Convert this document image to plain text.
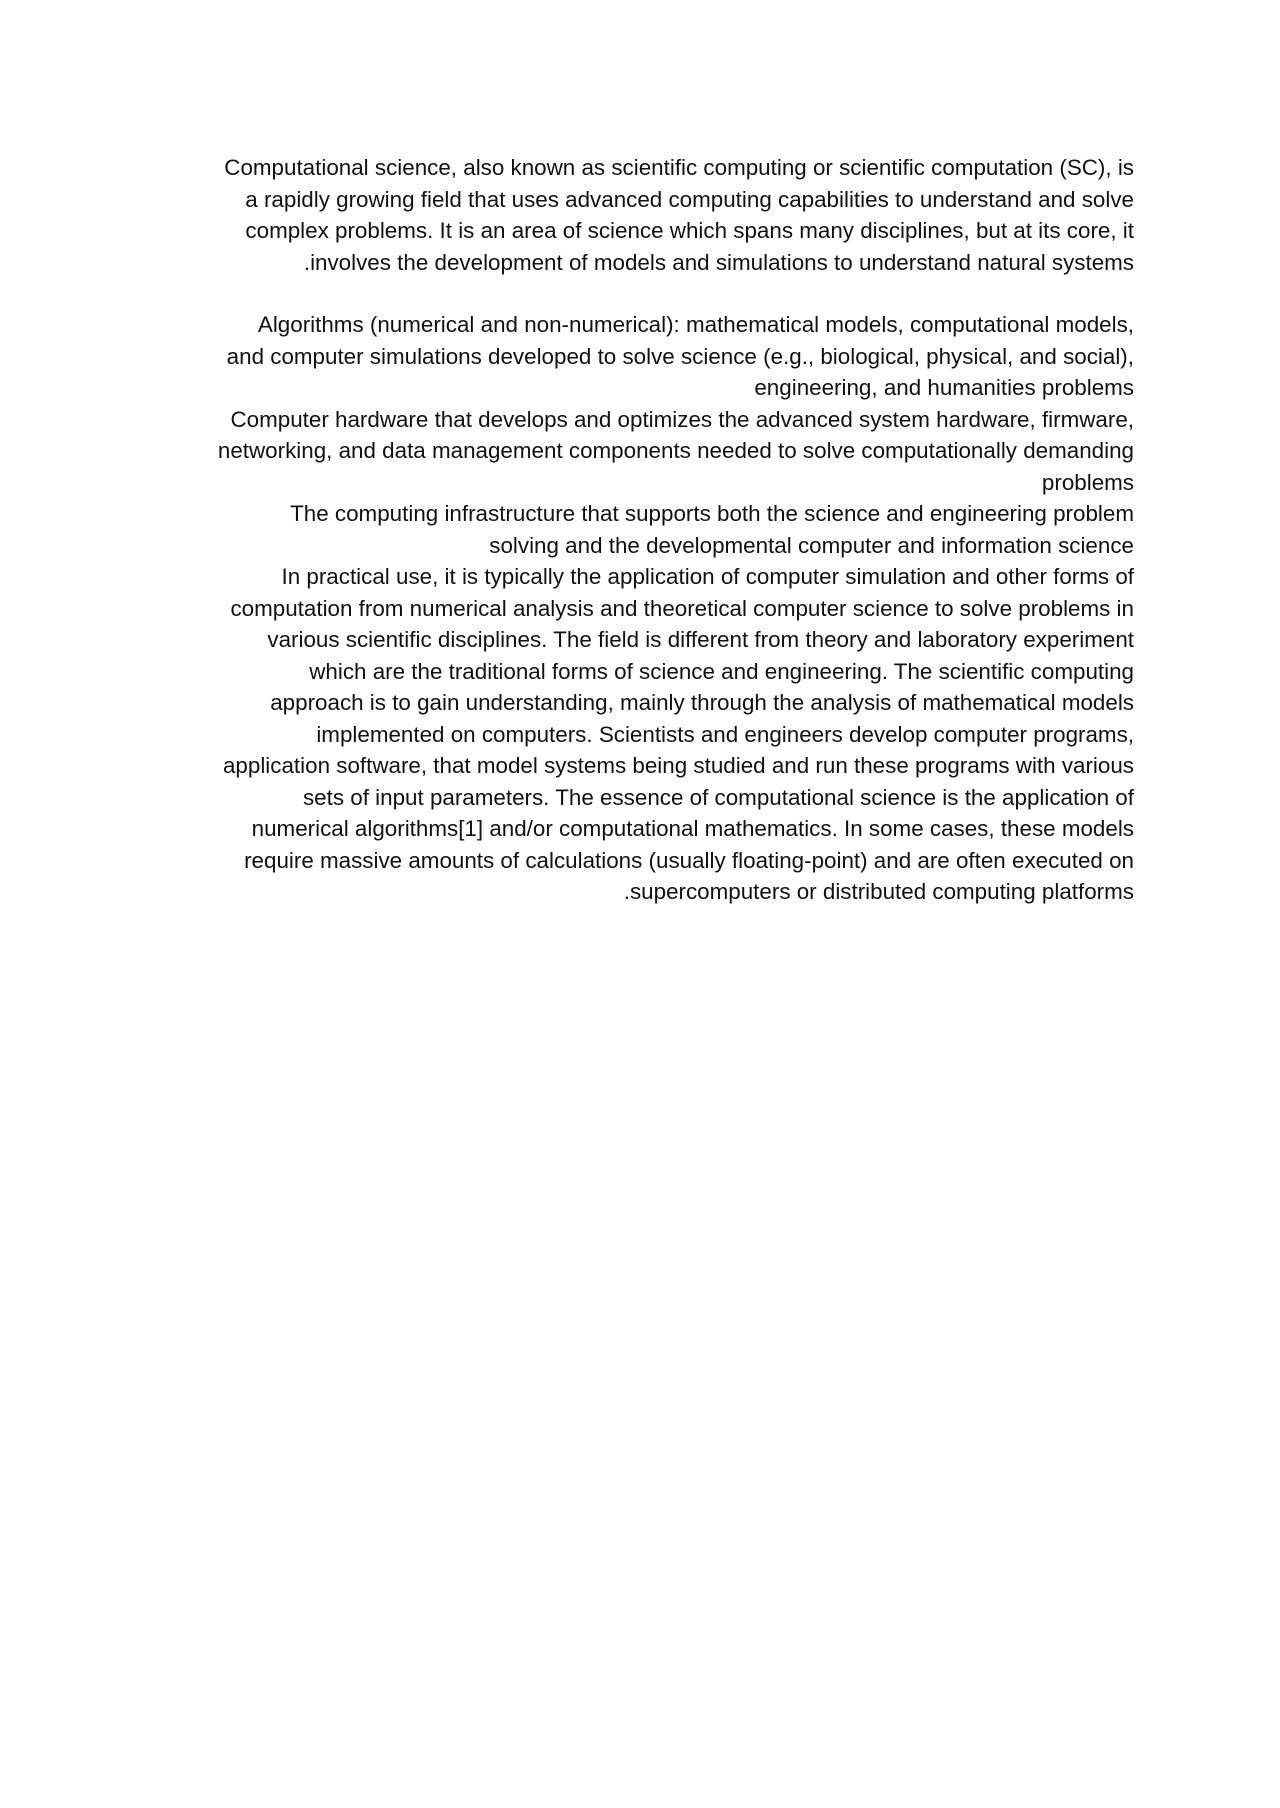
Computational science, also known as scientific computing or scientific computation (SC), is
a rapidly growing field that uses advanced computing capabilities to understand and solve
complex problems. It is an area of science which spans many disciplines, but at its core, it
.involves the development of models and simulations to understand natural systems
Algorithms (numerical and non-numerical): mathematical models, computational models,
and computer simulations developed to solve science (e.g., biological, physical, and social),
engineering, and humanities problems
Computer hardware that develops and optimizes the advanced system hardware, firmware,
networking, and data management components needed to solve computationally demanding
problems
The computing infrastructure that supports both the science and engineering problem
solving and the developmental computer and information science
In practical use, it is typically the application of computer simulation and other forms of
computation from numerical analysis and theoretical computer science to solve problems in
various scientific disciplines. The field is different from theory and laboratory experiment
which are the traditional forms of science and engineering. The scientific computing
approach is to gain understanding, mainly through the analysis of mathematical models
implemented on computers. Scientists and engineers develop computer programs,
application software, that model systems being studied and run these programs with various
sets of input parameters. The essence of computational science is the application of
numerical algorithms[1] and/or computational mathematics. In some cases, these models
require massive amounts of calculations (usually floating-point) and are often executed on
.supercomputers or distributed computing platforms
